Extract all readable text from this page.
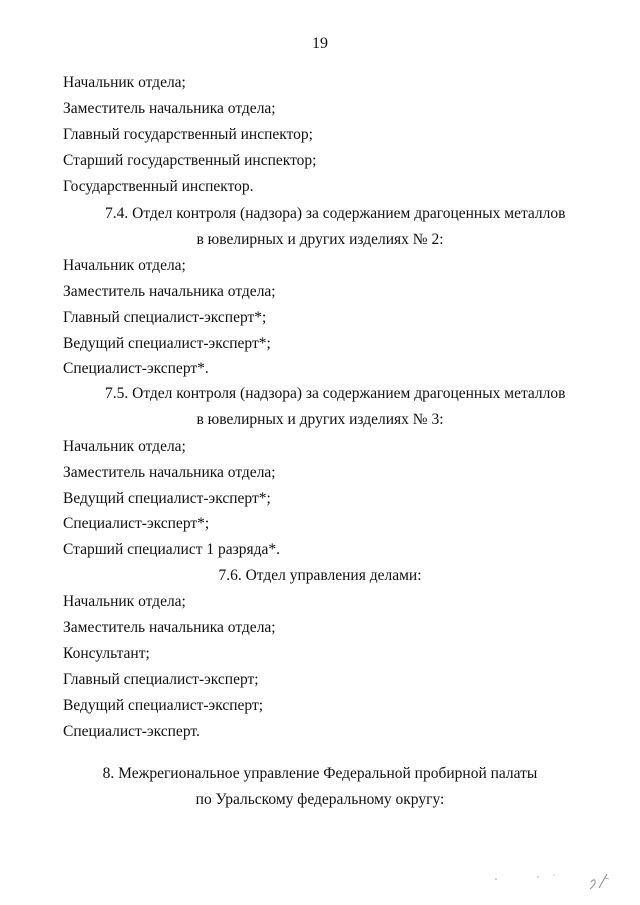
19
Начальник отдела;
Заместитель начальника отдела;
Главный государственный инспектор;
Старший государственный инспектор;
Государственный инспектор.
7.4. Отдел контроля (надзора) за содержанием драгоценных металлов
в ювелирных и других изделиях № 2:
Начальник отдела;
Заместитель начальника отдела;
Главный специалист-эксперт*;
Ведущий специалист-эксперт*;
Специалист-эксперт*.
7.5. Отдел контроля (надзора) за содержанием драгоценных металлов
в ювелирных и других изделиях № 3:
Начальник отдела;
Заместитель начальника отдела;
Ведущий специалист-эксперт*;
Специалист-эксперт*;
Старший специалист 1 разряда*.
7.6. Отдел управления делами:
Начальник отдела;
Заместитель начальника отдела;
Консультант;
Главный специалист-эксперт;
Ведущий специалист-эксперт;
Специалист-эксперт.
8. Межрегиональное управление Федеральной пробирной палаты
по Уральскому федеральному округу:
